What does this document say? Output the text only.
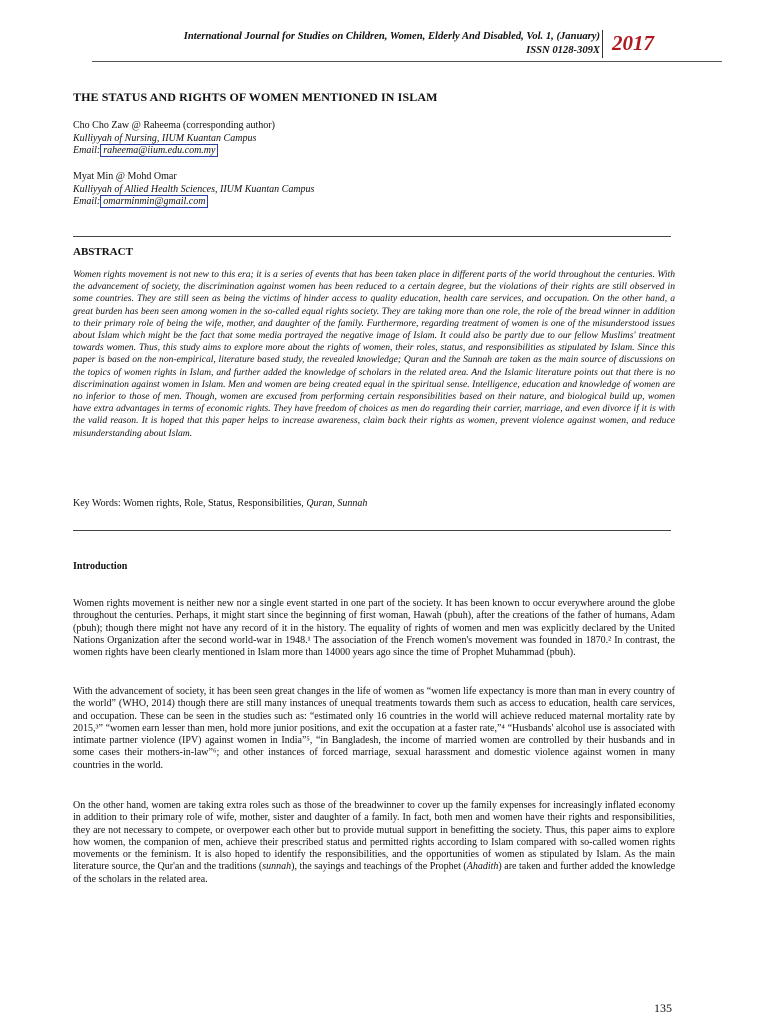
International Journal for Studies on Children, Women, Elderly And Disabled, Vol. 1, (January)
ISSN 0128-309X 2017
THE STATUS AND RIGHTS OF WOMEN MENTIONED IN ISLAM
Cho Cho Zaw @ Raheema (corresponding author)
Kulliyyah of Nursing, IIUM Kuantan Campus
Email: raheema@iium.edu.com.my
Myat Min @ Mohd Omar
Kulliyyah of Allied Health Sciences, IIUM Kuantan Campus
Email: omarminmin@gmail.com
ABSTRACT
Women rights movement is not new to this era; it is a series of events that has been taken place in different parts of the world throughout the centuries. With the advancement of society, the discrimination against women has been reduced to a certain degree, but the violations of their rights are still observed in some countries. They are still seen as being the victims of hinder access to quality education, health care services, and occupation. On the other hand, a great burden has been seen among women in the so-called equal rights society. They are taking more than one role, the role of the bread winner in addition to their primary role of being the wife, mother, and daughter of the family. Furthermore, regarding treatment of women is one of the misunderstood issues about Islam which might be the fact that some media portrayed the negative image of Islam. It could also be partly due to our fellow Muslims' treatment towards women. Thus, this study aims to explore more about the rights of women, their roles, status, and responsibilities as stipulated by Islam. Since this paper is based on the non-empirical, literature based study, the revealed knowledge; Quran and the Sunnah are taken as the main source of discussions on the topics of women rights in Islam, and further added the knowledge of scholars in the related area. And the Islamic literature points out that there is no discrimination against women in Islam. Men and women are being created equal in the spiritual sense. Intelligence, education and knowledge of women are no inferior to those of men. Though, women are excused from performing certain responsibilities based on their nature, and biological build up, women have extra advantages in terms of economic rights. They have freedom of choices as men do regarding their carrier, marriage, and even divorce if it is with the valid reason. It is hoped that this paper helps to increase awareness, claim back their rights as women, prevent violence against women, and reduce misunderstanding about Islam.
Key Words: Women rights, Role, Status, Responsibilities, Quran, Sunnah
Introduction
Women rights movement is neither new nor a single event started in one part of the society. It has been known to occur everywhere around the globe throughout the centuries. Perhaps, it might start since the beginning of first woman, Hawah (pbuh), after the creations of the father of humans, Adam (pbuh); though there might not have any record of it in the history. The equality of rights of women and men was explicitly declared by the United Nations Organization after the second world-war in 1948.¹ The association of the French women's movement was founded in 1870.² In contrast, the women rights have been clearly mentioned in Islam more than 14000 years ago since the time of Prophet Muhammad (pbuh).
With the advancement of society, it has been seen great changes in the life of women as “women life expectancy is more than man in every country of the world” (WHO, 2014) though there are still many instances of unequal treatments towards them such as access to education, health care services, and occupation. These can be seen in the studies such as: “estimated only 16 countries in the world will achieve reduced maternal mortality rate by 2015,³” “women earn lesser than men, hold more junior positions, and exit the occupation at a faster rate,”⁴ “Husbands' alcohol use is associated with intimate partner violence (IPV) against women in India”⁵, “in Bangladesh, the income of married women are controlled by their husbands and in some cases their mothers-in-law”⁶; and other instances of forced marriage, sexual harassment and domestic violence against women in many countries in the world.
On the other hand, women are taking extra roles such as those of the breadwinner to cover up the family expenses for increasingly inflated economy in addition to their primary role of wife, mother, sister and daughter of a family. In fact, both men and women have their rights and responsibilities, they are not necessary to compete, or overpower each other but to provide mutual support in benefitting the society. Thus, this paper aims to explore how women, the companion of men, achieve their prescribed status and permitted rights according to Islam compared with so-called women rights movements or the feminism. It is also hoped to identify the responsibilities, and the opportunities of women as stipulated by Islam. As the main literature source, the Qur'an and the traditions (sunnah), the sayings and teachings of the Prophet (Ahadith) are taken and further added the knowledge of the scholars in the related area.
135
